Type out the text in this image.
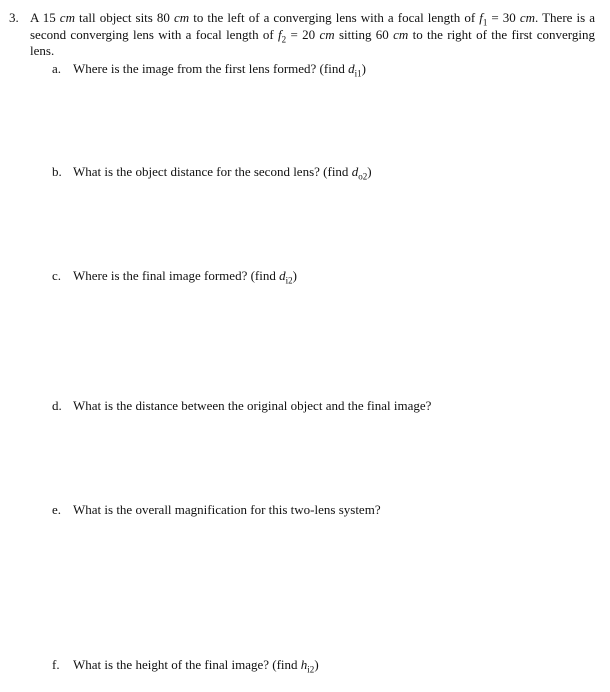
3. A 15 cm tall object sits 80 cm to the left of a converging lens with a focal length of $f_1 = 30$ cm. There is a second converging lens with a focal length of $f_2 = 20$ cm sitting 60 cm to the right of the first converging lens.
a. Where is the image from the first lens formed? (find $d_{i1}$)
b. What is the object distance for the second lens? (find $d_{o2}$)
c. Where is the final image formed? (find $d_{i2}$)
d. What is the distance between the original object and the final image?
e. What is the overall magnification for this two-lens system?
f. What is the height of the final image? (find $h_{i2}$)
